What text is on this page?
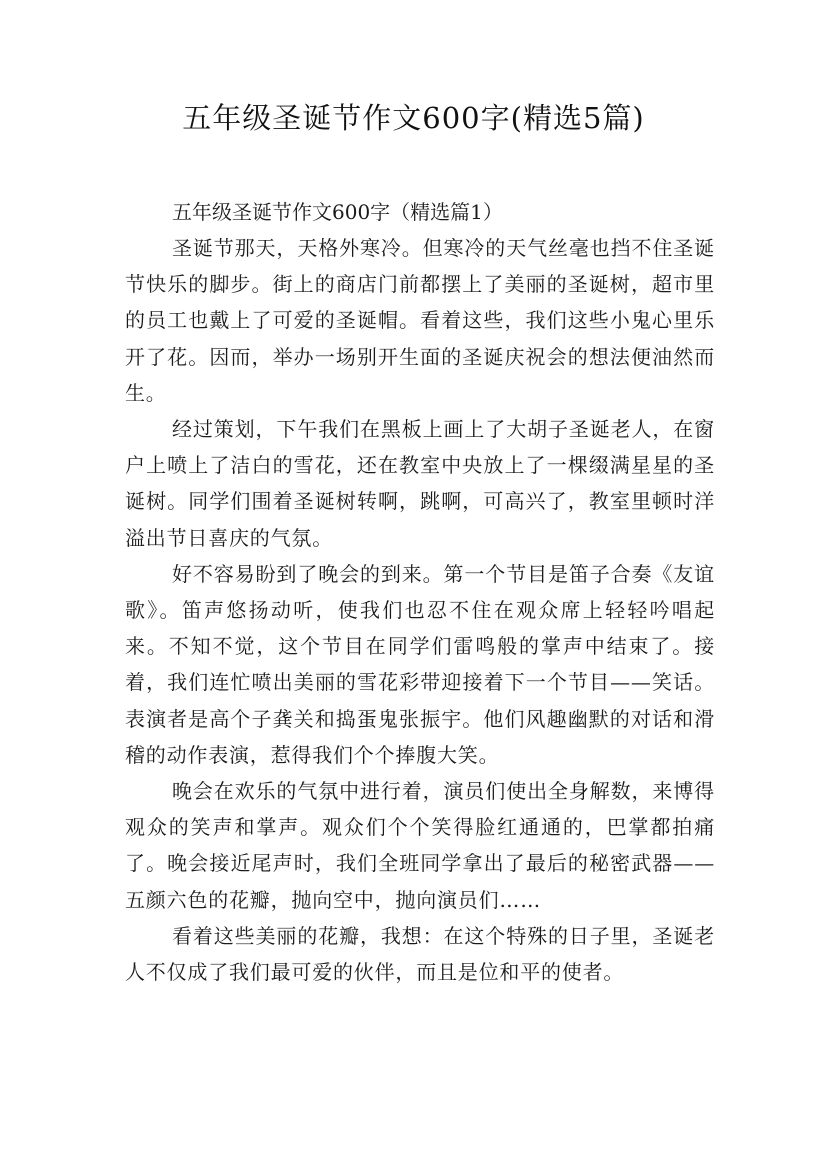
五年级圣诞节作文600字(精选5篇)

五年级圣诞节作文600字（精选篇1）

圣诞节那天，天格外寒冷。但寒冷的天气丝毫也挡不住圣诞节快乐的脚步。街上的商店门前都摆上了美丽的圣诞树，超市里的员工也戴上了可爱的圣诞帽。看着这些，我们这些小鬼心里乐开了花。因而，举办一场别开生面的圣诞庆祝会的想法便油然而生。

经过策划，下午我们在黑板上画上了大胡子圣诞老人，在窗户上喷上了洁白的雪花，还在教室中央放上了一棵缀满星星的圣诞树。同学们围着圣诞树转啊，跳啊，可高兴了，教室里顿时洋溢出节日喜庆的气氛。

好不容易盼到了晚会的到来。第一个节目是笛子合奏《友谊歌》。笛声悠扬动听，使我们也忍不住在观众席上轻轻吟唱起来。不知不觉，这个节目在同学们雷鸣般的掌声中结束了。接着，我们连忙喷出美丽的雪花彩带迎接着下一个节目——笑话。表演者是高个子龚关和捣蛋鬼张振宇。他们风趣幽默的对话和滑稽的动作表演，惹得我们个个捧腹大笑。

晚会在欢乐的气氛中进行着，演员们使出全身解数，来博得观众的笑声和掌声。观众们个个笑得脸红通通的，巴掌都拍痛了。晚会接近尾声时，我们全班同学拿出了最后的秘密武器——五颜六色的花瓣，抛向空中，抛向演员们……

看着这些美丽的花瓣，我想：在这个特殊的日子里，圣诞老人不仅成了我们最可爱的伙伴，而且是位和平的使者。
